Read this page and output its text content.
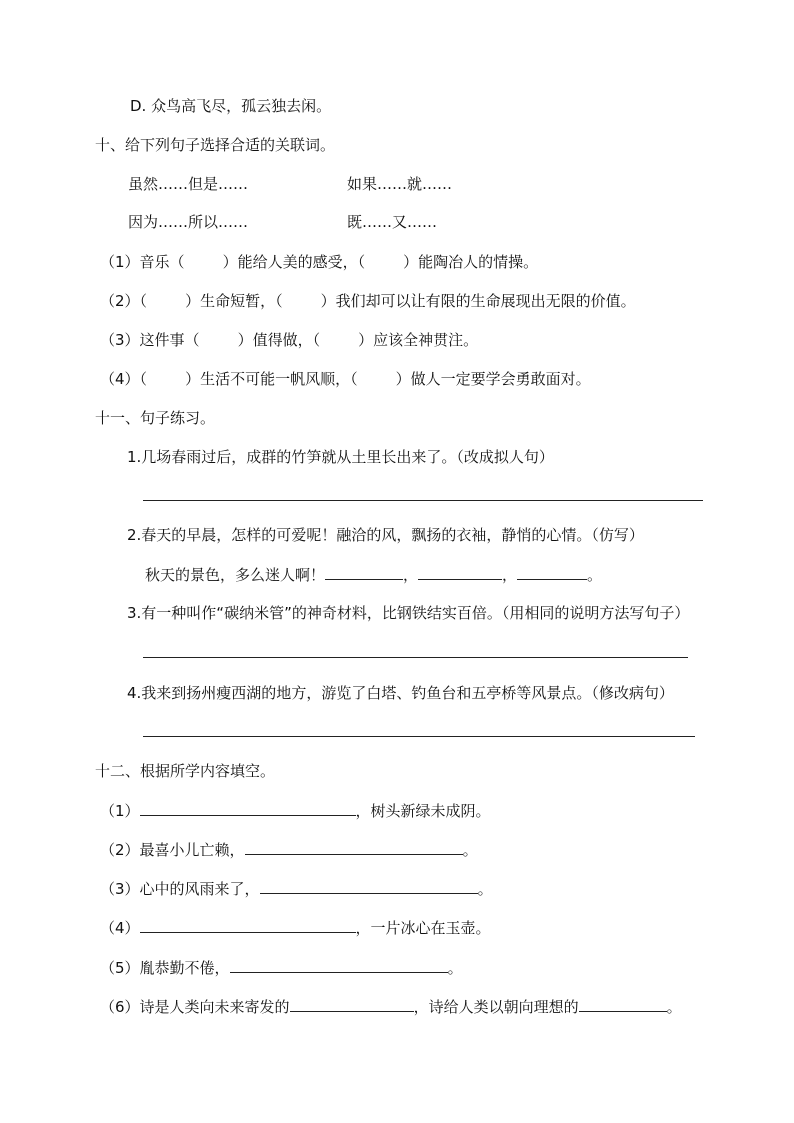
D. 众鸟高飞尽，孤云独去闲。
十、给下列句子选择合适的关联词。
虽然……但是……	如果……就……
因为……所以……	既……又……
（1）音乐（	）能给人美的感受，（	）能陶冶人的情操。
（2）（	）生命短暂，（	）我们却可以让有限的生命展现出无限的价值。
（3）这件事（	）值得做，（	）应该全神贯注。
（4）（	）生活不可能一帆风顺，（	）做人一定要学会勇敢面对。
十一、句子练习。
1.几场春雨过后，成群的竹笋就从土里长出来了。（改成拟人句）
2.春天的早晨，怎样的可爱呢！融洽的风，飘扬的衣袖，静悄的心情。（仿写）
秋天的景色，多么迷人啊！	，	，	。
3.有一种叫作“碳纳米管”的神奇材料，比钢铁结实百倍。（用相同的说明方法写句子）
4.我来到扬州瘦西湖的地方，游览了白塔、钓鱼台和五亭桥等风景点。（修改病句）
十二、根据所学内容填空。
（1）	，树头新绿未成阴。
（2）最喜小儿亡赖，	。
（3）心中的风雨来了，	。
（4）	，一片冰心在玉壶。
（5）胤恭勤不倦，	。
（6）诗是人类向未来寄发的	，诗给人类以朝向理想的	。
